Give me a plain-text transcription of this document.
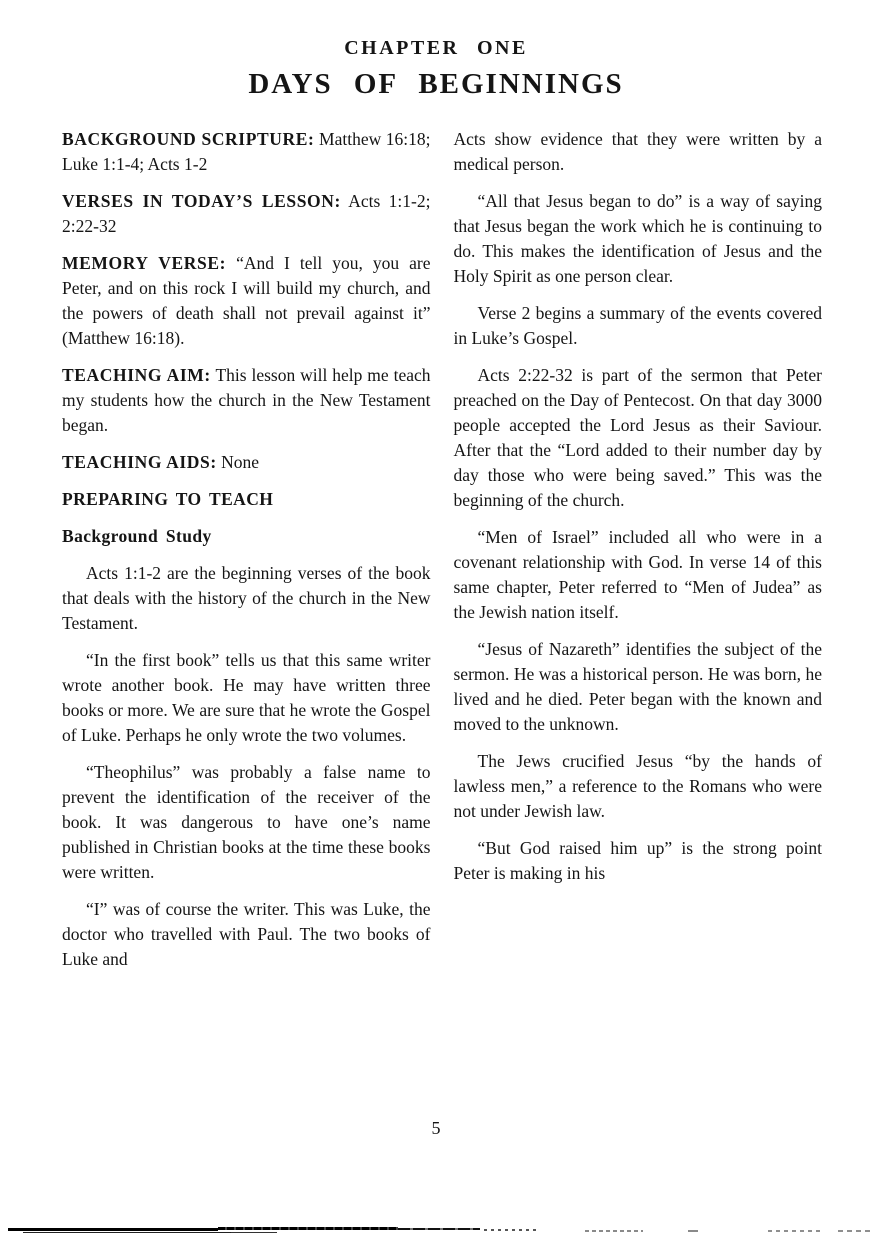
CHAPTER ONE
DAYS OF BEGINNINGS

BACKGROUND SCRIPTURE: Matthew 16:18; Luke 1:1-4; Acts 1-2

VERSES IN TODAY’S LESSON: Acts 1:1-2; 2:22-32

MEMORY VERSE: “And I tell you, you are Peter, and on this rock I will build my church, and the powers of death shall not prevail against it” (Matthew 16:18).

TEACHING AIM: This lesson will help me teach my students how the church in the New Testament began.

TEACHING AIDS: None

PREPARING TO TEACH

Background Study

Acts 1:1-2 are the beginning verses of the book that deals with the history of the church in the New Testament.

“In the first book” tells us that this same writer wrote another book. He may have written three books or more. We are sure that he wrote the Gospel of Luke. Perhaps he only wrote the two volumes.

“Theophilus” was probably a false name to prevent the identification of the receiver of the book. It was dangerous to have one’s name published in Christian books at the time these books were written.

“I” was of course the writer. This was Luke, the doctor who travelled with Paul. The two books of Luke and

Acts show evidence that they were written by a medical person.

“All that Jesus began to do” is a way of saying that Jesus began the work which he is continuing to do. This makes the identification of Jesus and the Holy Spirit as one person clear.

Verse 2 begins a summary of the events covered in Luke’s Gospel.

Acts 2:22-32 is part of the sermon that Peter preached on the Day of Pentecost. On that day 3000 people accepted the Lord Jesus as their Saviour. After that the “Lord added to their number day by day those who were being saved.” This was the beginning of the church.

“Men of Israel” included all who were in a covenant relationship with God. In verse 14 of this same chapter, Peter referred to “Men of Judea” as the Jewish nation itself.

“Jesus of Nazareth” identifies the subject of the sermon. He was a historical person. He was born, he lived and he died. Peter began with the known and moved to the unknown.

The Jews crucified Jesus “by the hands of lawless men,” a reference to the Romans who were not under Jewish law.

“But God raised him up” is the strong point Peter is making in his

5
